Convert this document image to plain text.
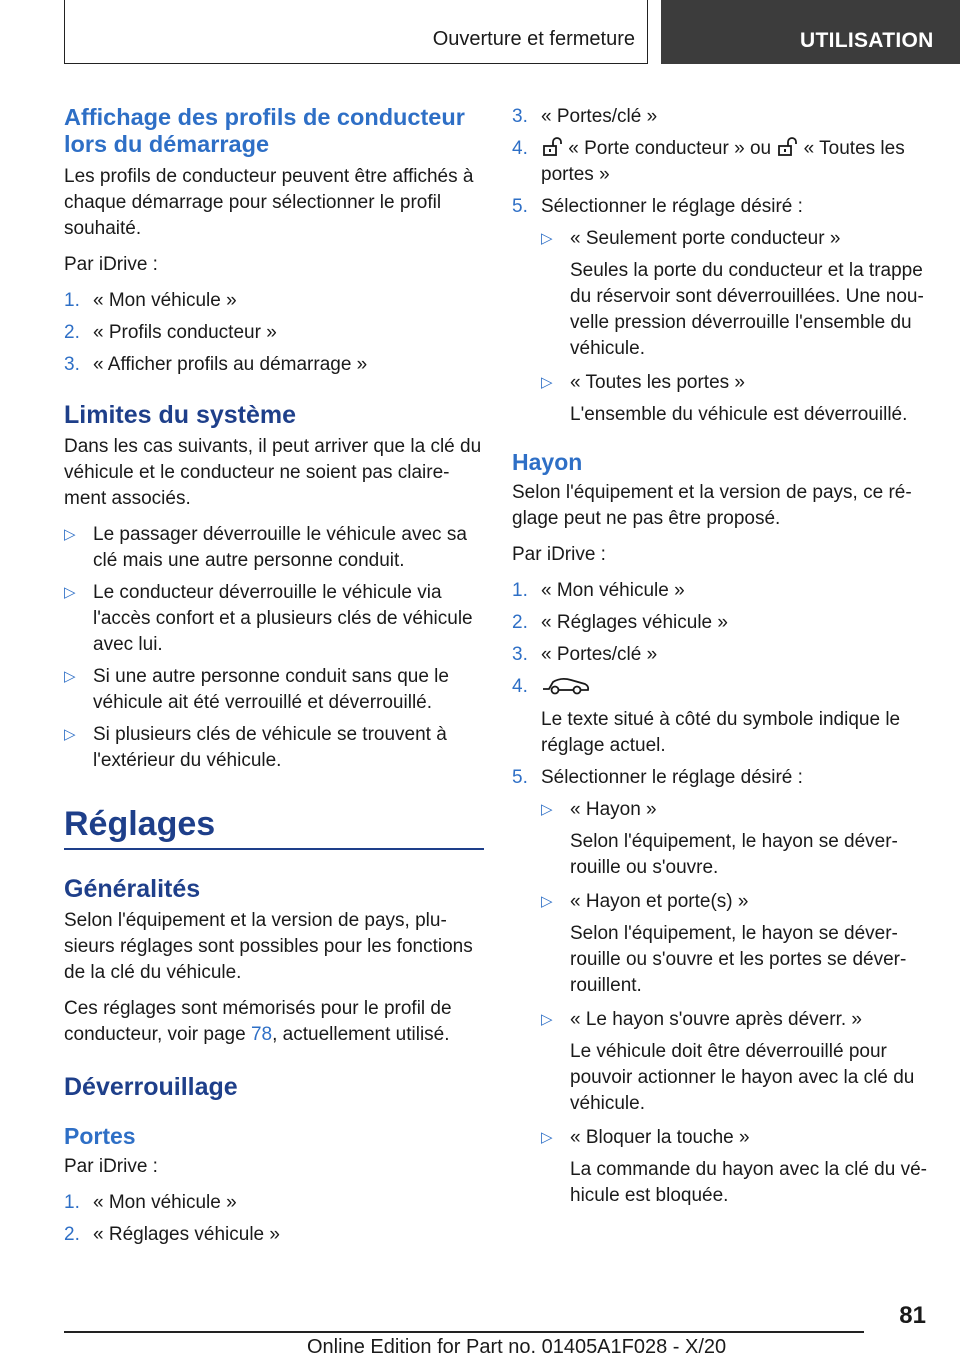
Ouverture et fermeture	UTILISATION
Affichage des profils de conducteur lors du démarrage

Les profils de conducteur peuvent être affichés à chaque démarrage pour sélectionner le profil souhaité.

Par iDrive :

1. « Mon véhicule »
2. « Profils conducteur »
3. « Afficher profils au démarrage »
Limites du système

Dans les cas suivants, il peut arriver que la clé du véhicule et le conducteur ne soient pas claire-ment associés.

▷ Le passager déverrouille le véhicule avec sa clé mais une autre personne conduit.
▷ Le conducteur déverrouille le véhicule via l'accès confort et a plusieurs clés de véhicule avec lui.
▷ Si une autre personne conduit sans que le véhicule ait été verrouillé et déverrouillé.
▷ Si plusieurs clés de véhicule se trouvent à l'extérieur du véhicule.
Réglages
Généralités

Selon l'équipement et la version de pays, plu-sieurs réglages sont possibles pour les fonctions de la clé du véhicule.

Ces réglages sont mémorisés pour le profil de conducteur, voir page 78, actuellement utilisé.

Déverrouillage
Portes

Par iDrive :

1. « Mon véhicule »
2. « Réglages véhicule »
3. « Portes/clé »
4. « Porte conducteur » ou  « Toutes les portes »
5. Sélectionner le réglage désiré :
▷ « Seulement porte conducteur »
Seules la porte du conducteur et la trappe du réservoir sont déverrouillées. Une nou-velle pression déverrouille l'ensemble du véhicule.
▷ « Toutes les portes »
L'ensemble du véhicule est déverrouillé.
Hayon

Selon l'équipement et la version de pays, ce ré-glage peut ne pas être proposé.

Par iDrive :

1. « Mon véhicule »
2. « Réglages véhicule »
3. « Portes/clé »
4.
Le texte situé à côté du symbole indique le réglage actuel.
5. Sélectionner le réglage désiré :
▷ « Hayon »
Selon l'équipement, le hayon se déver-rouille ou s'ouvre.
▷ « Hayon et porte(s) »
Selon l'équipement, le hayon se déver-rouille ou s'ouvre et les portes se déver-rouillent.
▷ « Le hayon s'ouvre après déverr. »
Le véhicule doit être déverrouillé pour pouvoir actionner le hayon avec la clé du véhicule.
▷ « Bloquer la touche »
La commande du hayon avec la clé du vé-hicule est bloquée.
81
Online Edition for Part no. 01405A1F028 - X/20
